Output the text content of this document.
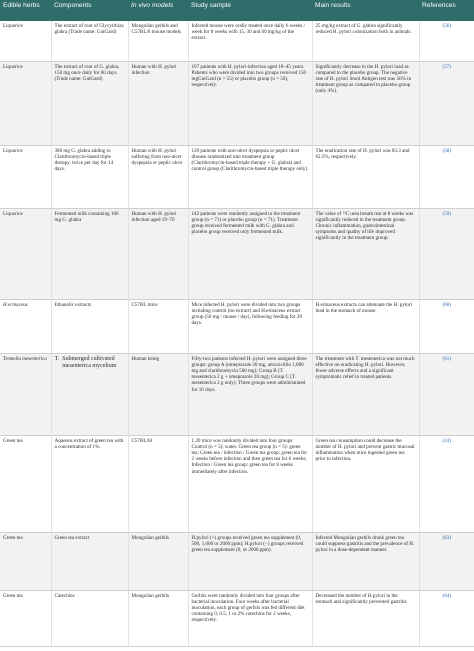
Edible herbs	Components	In vivo models	Study sample	Main results	References
Liquorice	The extract of root of Glycyrrhiza glabra (Trade name: GutGard)	Mongolian gerbils and C57BL/6 mouse models	Infected mouse were orally treated once daily 6 weeks / week for 8 weeks with 15, 30 and 60 mg/kg of the extract.	25 mg/kg extract of G. glabra significantly reduced H. pylori colonization both in animals.	(56)
Liquorice	The extract of root of G. glabra, 150 mg once daily for 60 days. (Trade name: GutGard)	Human with H. pylori infection	107 patients with H. pylori-infection aged 18–45 years. Patients who were divided into two groups received 150 mgGutGard (n = 55) or placebo group (n = 50), respectively.	Significantly decrease in the H. pylori load as compared to the placebo group. The negative rate of H. pylori Stool Antigen test was 56% in treatment group as compared to placebo group (only 4%).	(57)
Liquorice	380 mg G. glabra adding to Clarithromycin-based triple therapy, twice per day for 14 days.	Human with H. pylori suffering from non-ulcer dyspepsia or peptic ulcer	120 patients with non-ulcer dyspepsia or peptic ulcer disease randomized into treatment group (Clarithromycin-based triple therapy + G. glabra) and control group (Clarithromycin-based triple therapy only).	The eradication rate of H. pylori was 83.3 and 62.5%, respectively.	(58)
Liquorice	Fermented milk containing 100 mg G. glabra	Human with H. pylori infection aged 19–70	142 patients were randomly assigned to the treatment group (n = 71) or placebo group (n = 71). Treatment group received fermented milk with G. glabra and placebo group received only fermented milk.	The value of ¹³C urea breath test at 8 weeks was significantly reduced in the treatment group. Chronic inflammation, gastrointestinal symptoms and quality of life improved significantly in the treatment group.	(59)
H.erinaceus	Ethanolic extracts	C57BL mice	Mice infected H. pylori were divided into two groups including control (no extract) and H.erinaceus extract group (50 mg / mouse / day), following feeding for 20 days.	H.erinaceus extracts can attenuate the H. pylori load in the stomach of mouse.	(60)
Tremella mesenterica	T. Submerged cultivated mesenterica mycelium	Human being	Fifty-two patients infected H. pylori were assigned three groups: group A (omeprazole 20 mg, amoxicillin 1,000 mg and clarithromycin 500 mg); Group B (T. mesenterica 2 g + omeprazole 20 mg); Group C (T. mesenterica 2 g only); Three groups were administrated for 10 days.	The treatment with T. mesenterica was not much effective on eradicating H. pylori. However, fewer adverse effects and a significant symptomatic relief in treated patients.	(61)
Green tea	Aqueous extract of green tea with a concentration of 1%.	C57BL/6J	1 20 mice was randomly divided into four groups: Control (n = 5); water. Green tea group (n = 5): green tea; Green tea / infection / Green tea group: green tea for 2 weeks before infection and then green tea for 6 weeks; Infection / Green tea group: green tea for 8 weeks immediately after infection.	Green tea consumption could decrease the number of H. pylori and prevent gastric mucosal inflammation when mice ingested green tea prior to infection.	(24)
Green tea	Green tea extract	Mongolian gerbils	H.pylori (+) groups received green tea supplement (0, 500, 1,000 or 2000 ppm); H.pylori (−) groups received green tea supplement (0, or 2000 ppm).	Infected Mongolian gerbils drunk green tea could suppress gastritis and the prevalence of H. pylori in a dose-dependent manner.	(63)
Green tea	Catechins	Mongolian gerbils	Gerbils were randomly divided into four groups after bacterial inoculation. Four weeks after bacterial inoculation, each group of gerbils was fed different diet containing 0, 0.5, 1 or 2% catechins for 2 weeks, respectively.	Decreased the number of H.pylori in the stomach and significantly prevented gastritis	(64)
